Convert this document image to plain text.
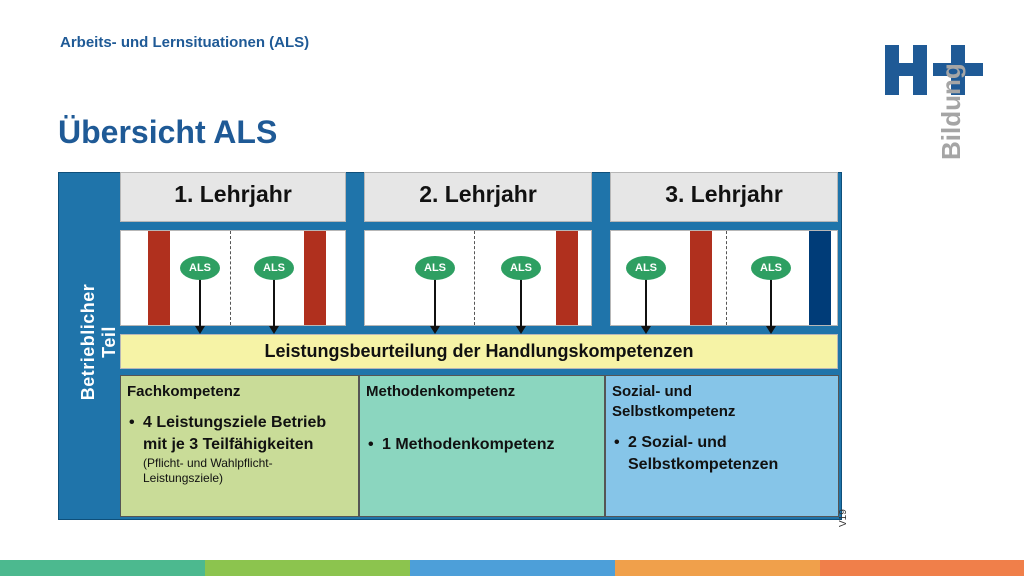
Arbeits- und Lernsituationen (ALS)
Übersicht ALS	Bildung
Betrieblicher Teil
1. Lehrjahr	2. Lehrjahr	3. Lehrjahr
ALS	ALS	ALS	ALS	ALS	ALS
Leistungsbeurteilung der Handlungskompetenzen
Fachkompetenz
• 4 Leistungsziele Betrieb mit je 3 Teilfähigkeiten
(Pflicht- und Wahlpflicht-Leistungsziele)
Methodenkompetenz
• 1 Methodenkompetenz
Sozial- und Selbstkompetenz
• 2 Sozial- und Selbstkompetenzen
V19
